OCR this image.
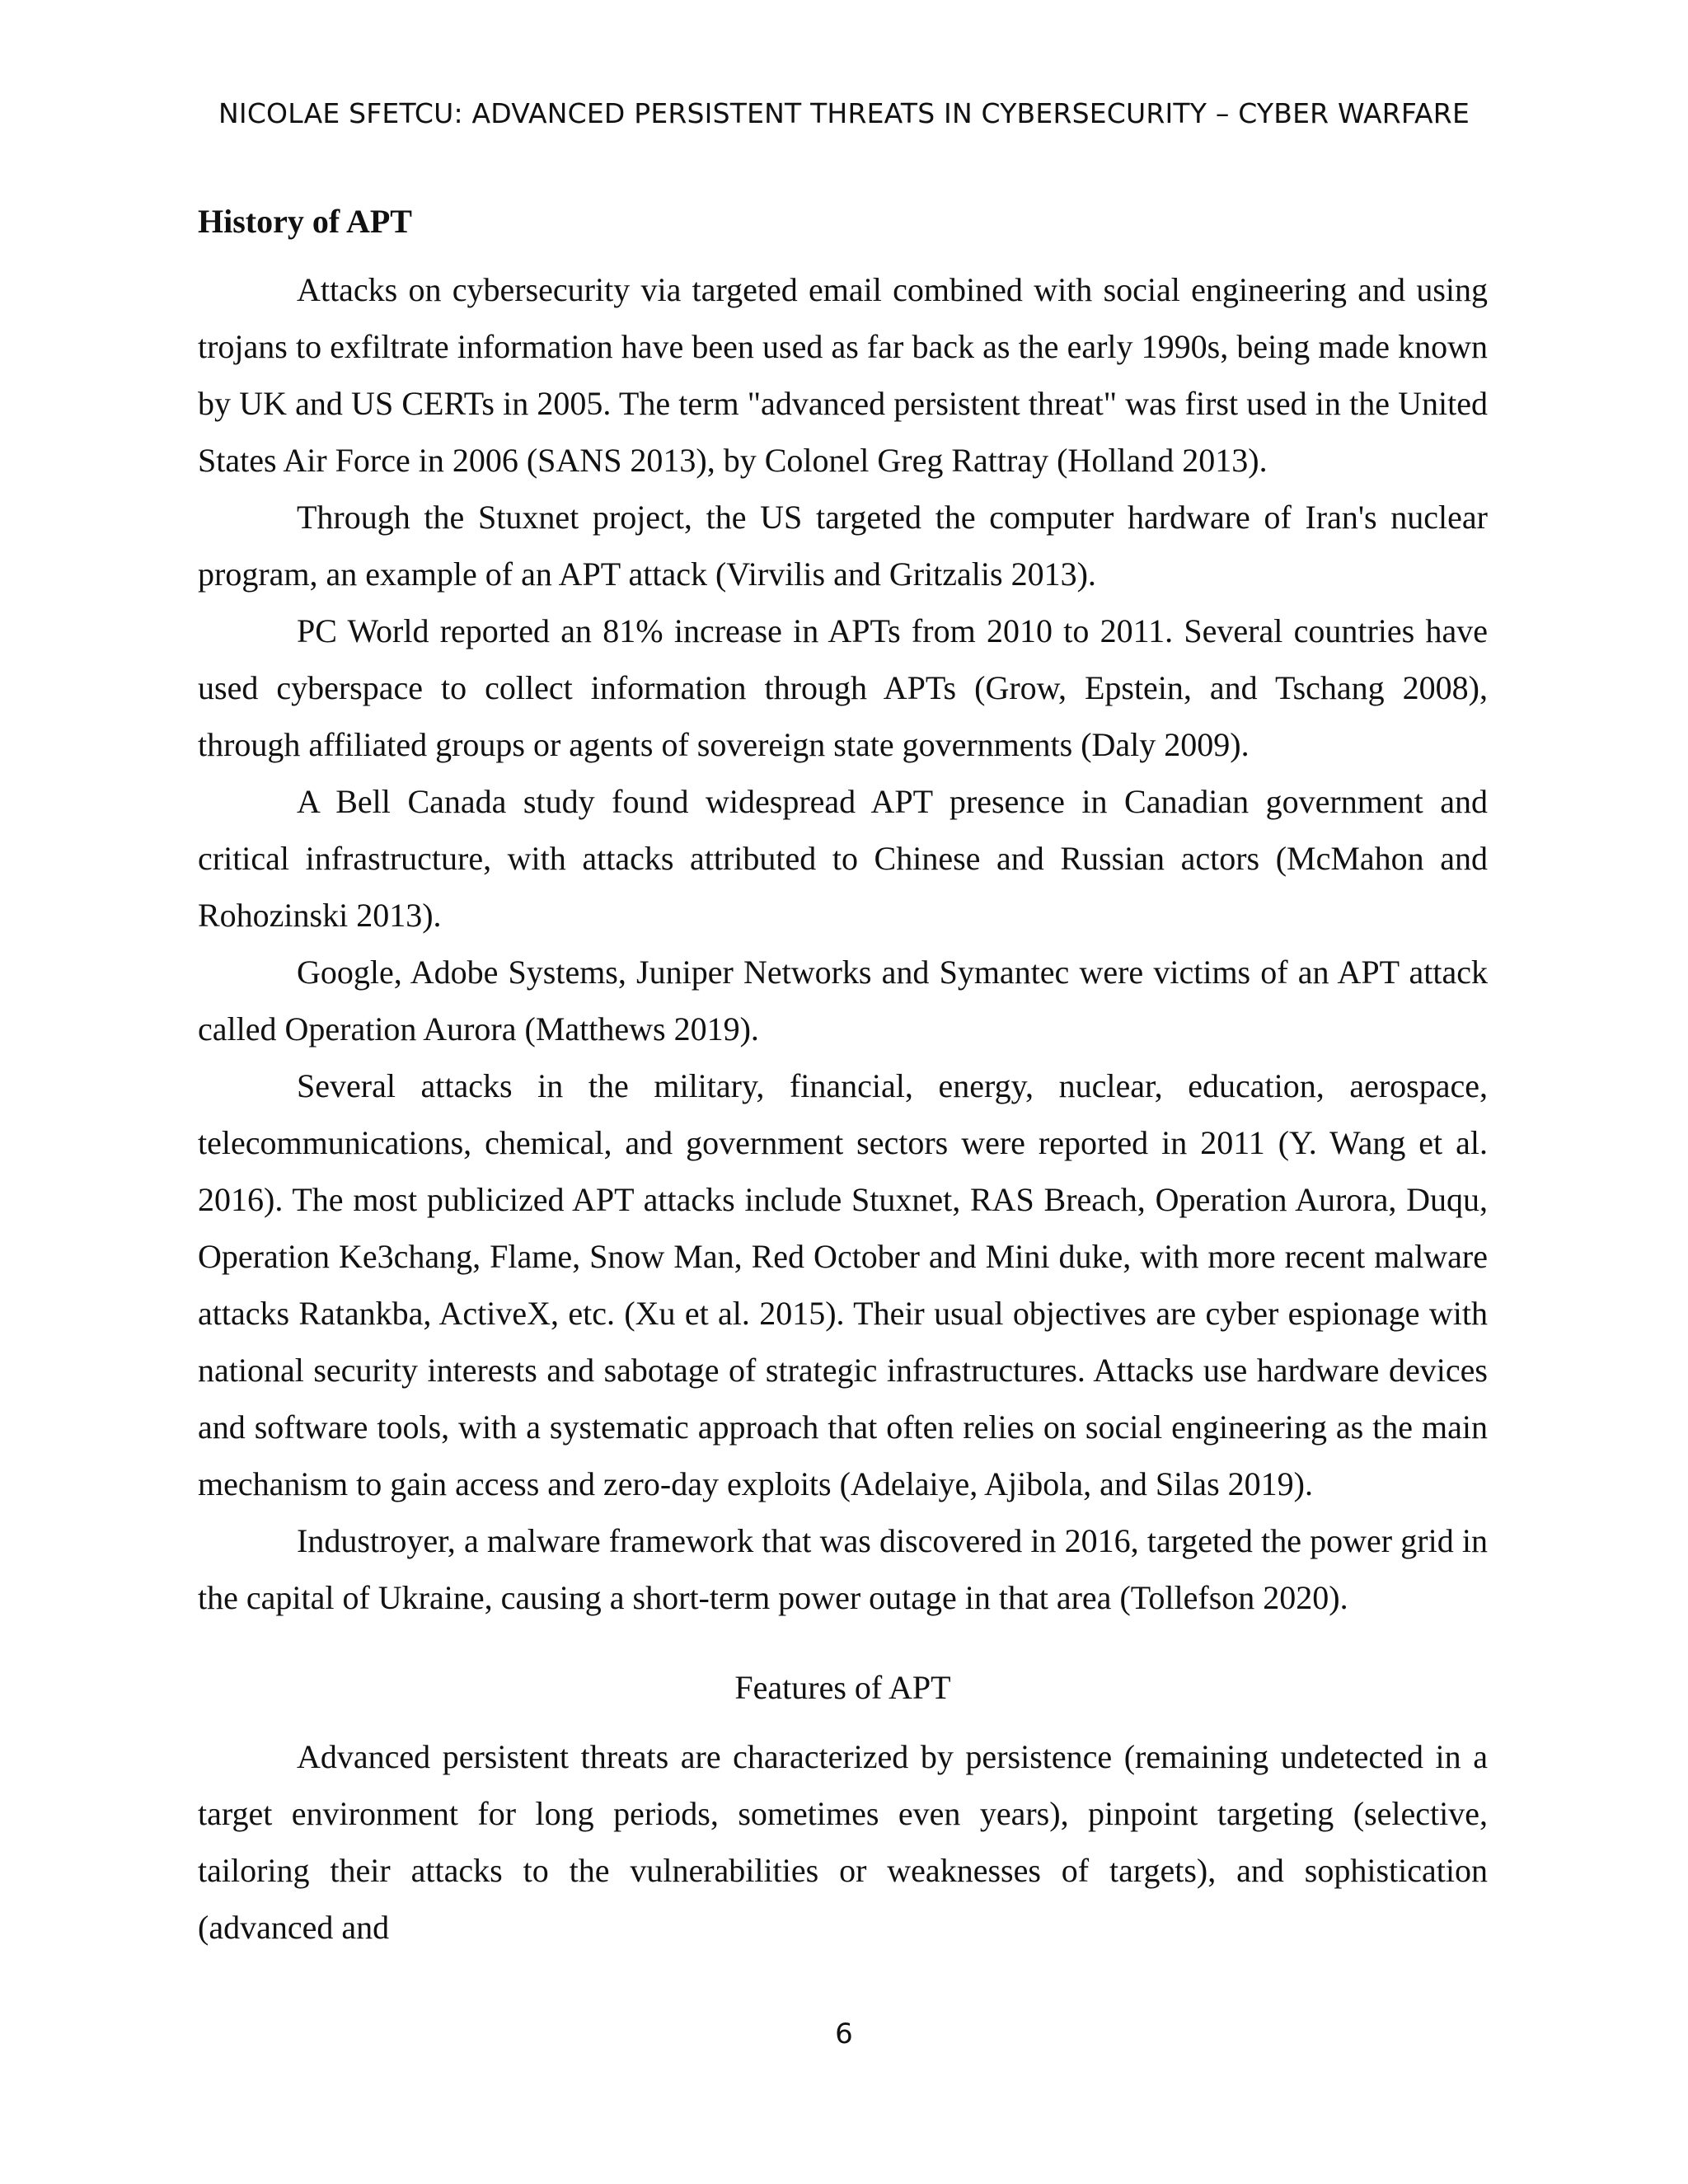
NICOLAE SFETCU: ADVANCED PERSISTENT THREATS IN CYBERSECURITY – CYBER WARFARE
History of APT

Attacks on cybersecurity via targeted email combined with social engineering and using trojans to exfiltrate information have been used as far back as the early 1990s, being made known by UK and US CERTs in 2005. The term "advanced persistent threat" was first used in the United States Air Force in 2006 (SANS 2013), by Colonel Greg Rattray (Holland 2013).

Through the Stuxnet project, the US targeted the computer hardware of Iran's nuclear program, an example of an APT attack (Virvilis and Gritzalis 2013).

PC World reported an 81% increase in APTs from 2010 to 2011. Several countries have used cyberspace to collect information through APTs (Grow, Epstein, and Tschang 2008), through affiliated groups or agents of sovereign state governments (Daly 2009).

A Bell Canada study found widespread APT presence in Canadian government and critical infrastructure, with attacks attributed to Chinese and Russian actors (McMahon and Rohozinski 2013).

Google, Adobe Systems, Juniper Networks and Symantec were victims of an APT attack called Operation Aurora (Matthews 2019).

Several attacks in the military, financial, energy, nuclear, education, aerospace, telecommunications, chemical, and government sectors were reported in 2011 (Y. Wang et al. 2016). The most publicized APT attacks include Stuxnet, RAS Breach, Operation Aurora, Duqu, Operation Ke3chang, Flame, Snow Man, Red October and Mini duke, with more recent malware attacks Ratankba, ActiveX, etc. (Xu et al. 2015). Their usual objectives are cyber espionage with national security interests and sabotage of strategic infrastructures. Attacks use hardware devices and software tools, with a systematic approach that often relies on social engineering as the main mechanism to gain access and zero-day exploits (Adelaiye, Ajibola, and Silas 2019).

Industroyer, a malware framework that was discovered in 2016, targeted the power grid in the capital of Ukraine, causing a short-term power outage in that area (Tollefson 2020).

Features of APT

Advanced persistent threats are characterized by persistence (remaining undetected in a target environment for long periods, sometimes even years), pinpoint targeting (selective, tailoring their attacks to the vulnerabilities or weaknesses of targets), and sophistication (advanced and

6
